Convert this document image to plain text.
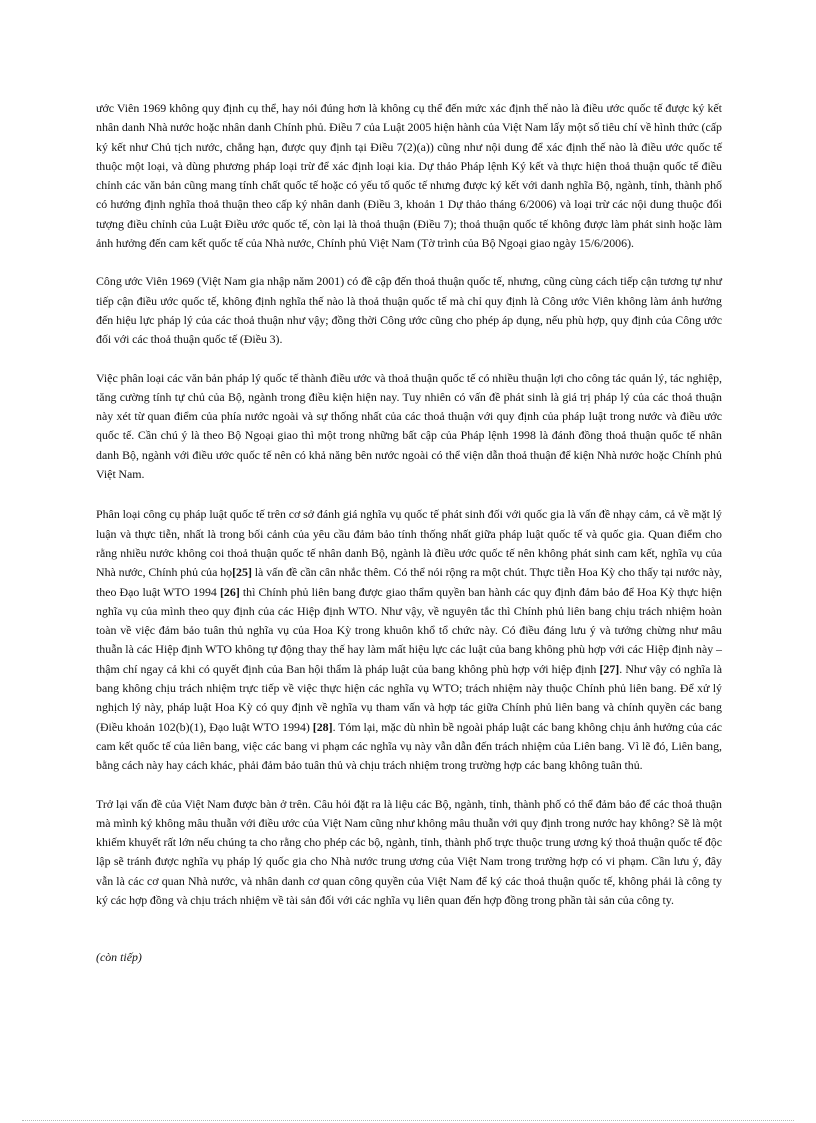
ước Viên 1969 không quy định cụ thể, hay nói đúng hơn là không cụ thể đến mức xác định thế nào là điều ước quốc tế được ký kết nhân danh Nhà nước hoặc nhân danh Chính phủ. Điều 7 của Luật 2005 hiện hành của Việt Nam lấy một số tiêu chí về hình thức (cấp ký kết như Chủ tịch nước, chẳng hạn, được quy định tại Điều 7(2)(a)) cũng như nội dung để xác định thế nào là điều ước quốc tế thuộc một loại, và dùng phương pháp loại trừ để xác định loại kia. Dự thảo Pháp lệnh Ký kết và thực hiện thoả thuận quốc tế điều chỉnh các văn bản cũng mang tính chất quốc tế hoặc có yếu tố quốc tế nhưng được ký kết với danh nghĩa Bộ, ngành, tỉnh, thành phố có hướng định nghĩa thoả thuận theo cấp ký nhân danh (Điều 3, khoản 1 Dự thảo tháng 6/2006) và loại trừ các nội dung thuộc đối tượng điều chỉnh của Luật Điều ước quốc tế, còn lại là thoả thuận (Điều 7); thoả thuận quốc tế không được làm phát sinh hoặc làm ảnh hưởng đến cam kết quốc tế của Nhà nước, Chính phủ Việt Nam (Tờ trình của Bộ Ngoại giao ngày 15/6/2006).

Công ước Viên 1969 (Việt Nam gia nhập năm 2001) có đề cập đến thoả thuận quốc tế, nhưng, cũng cùng cách tiếp cận tương tự như tiếp cận điều ước quốc tế, không định nghĩa thế nào là thoả thuận quốc tế mà chỉ quy định là Công ước Viên không làm ảnh hưởng đến hiệu lực pháp lý của các thoả thuận như vậy; đồng thời Công ước cũng cho phép áp dụng, nếu phù hợp, quy định của Công ước đối với các thoả thuận quốc tế (Điều 3).

Việc phân loại các văn bản pháp lý quốc tế thành điều ước và thoả thuận quốc tế có nhiều thuận lợi cho công tác quản lý, tác nghiệp, tăng cường tính tự chủ của Bộ, ngành trong điều kiện hiện nay. Tuy nhiên có vấn đề phát sinh là giá trị pháp lý của các thoả thuận này xét từ quan điểm của phía nước ngoài và sự thống nhất của các thoả thuận với quy định của pháp luật trong nước và điều ước quốc tế. Cần chú ý là theo Bộ Ngoại giao thì một trong những bất cập của Pháp lệnh 1998 là đánh đồng thoả thuận quốc tế nhân danh Bộ, ngành với điều ước quốc tế nên có khả năng bên nước ngoài có thể viện dẫn thoả thuận để kiện Nhà nước hoặc Chính phủ Việt Nam.

Phân loại công cụ pháp luật quốc tế trên cơ sở đánh giá nghĩa vụ quốc tế phát sinh đối với quốc gia là vấn đề nhạy cảm, cả về mặt lý luận và thực tiễn, nhất là trong bối cảnh của yêu cầu đảm bảo tính thống nhất giữa pháp luật quốc tế và quốc gia. Quan điểm cho rằng nhiều nước không coi thoả thuận quốc tế nhân danh Bộ, ngành là điều ước quốc tế nên không phát sinh cam kết, nghĩa vụ của Nhà nước, Chính phủ của họ[25] là vấn đề cần cân nhắc thêm. Có thể nói rộng ra một chút. Thực tiễn Hoa Kỳ cho thấy tại nước này, theo Đạo luật WTO 1994 [26] thì Chính phủ liên bang được giao thẩm quyền ban hành các quy định đảm bảo để Hoa Kỳ thực hiện nghĩa vụ của mình theo quy định của các Hiệp định WTO. Như vậy, về nguyên tắc thì Chính phủ liên bang chịu trách nhiệm hoàn toàn về việc đảm bảo tuân thủ nghĩa vụ của Hoa Kỳ trong khuôn khổ tổ chức này. Có điều đáng lưu ý và tưởng chừng như mâu thuẫn là các Hiệp định WTO không tự động thay thế hay làm mất hiệu lực các luật của bang không phù hợp với các Hiệp định này – thậm chí ngay cả khi có quyết định của Ban hội thẩm là pháp luật của bang không phù hợp với hiệp định [27]. Như vậy có nghĩa là bang không chịu trách nhiệm trực tiếp về việc thực hiện các nghĩa vụ WTO; trách nhiệm này thuộc Chính phủ liên bang. Để xử lý nghịch lý này, pháp luật Hoa Kỳ có quy định về nghĩa vụ tham vấn và hợp tác giữa Chính phủ liên bang và chính quyền các bang (Điều khoản 102(b)(1), Đạo luật WTO 1994) [28]. Tóm lại, mặc dù nhìn bề ngoài pháp luật các bang không chịu ảnh hưởng của các cam kết quốc tế của liên bang, việc các bang vi phạm các nghĩa vụ này vẫn dẫn đến trách nhiệm của Liên bang. Vì lẽ đó, Liên bang, bằng cách này hay cách khác, phải đảm bảo tuân thủ và chịu trách nhiệm trong trường hợp các bang không tuân thủ.

Trở lại vấn đề của Việt Nam được bàn ở trên. Câu hỏi đặt ra là liệu các Bộ, ngành, tỉnh, thành phố có thể đảm bảo để các thoả thuận mà mình ký không mâu thuẫn với điều ước của Việt Nam cũng như không mâu thuẫn với quy định trong nước hay không? Sẽ là một khiếm khuyết rất lớn nếu chúng ta cho rằng cho phép các bộ, ngành, tỉnh, thành phố trực thuộc trung ương ký thoả thuận quốc tế độc lập sẽ tránh được nghĩa vụ pháp lý quốc gia cho Nhà nước trung ương của Việt Nam trong trường hợp có vi phạm. Cần lưu ý, đây vẫn là các cơ quan Nhà nước, và nhân danh cơ quan công quyền của Việt Nam để ký các thoả thuận quốc tế, không phải là công ty ký các hợp đồng và chịu trách nhiệm về tài sản đối với các nghĩa vụ liên quan đến hợp đồng trong phần tài sản của công ty.

(còn tiếp)
